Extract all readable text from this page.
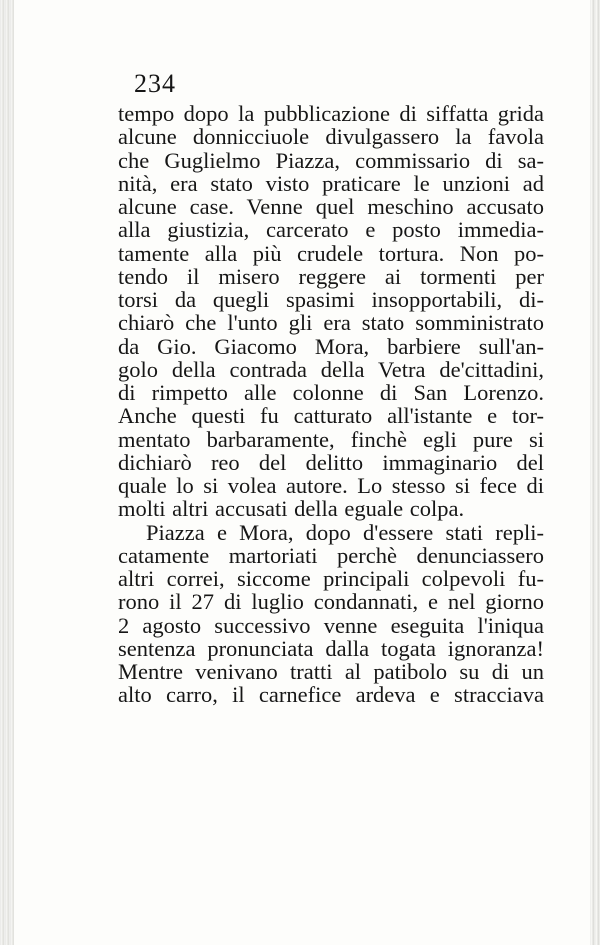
234
tempo dopo la pubblicazione di siffatta grida
alcune donnicciuole divulgassero la favola
che Guglielmo Piazza, commissario di sa-
nità, era stato visto praticare le unzioni ad
alcune case. Venne quel meschino accusato
alla giustizia, carcerato e posto immedia-
tamente alla più crudele tortura. Non po-
tendo il misero reggere ai tormenti per
torsi da quegli spasimi insopportabili, di-
chiarò che l'unto gli era stato somministrato
da Gio. Giacomo Mora, barbiere sull'an-
golo della contrada della Vetra de'cittadini,
di rimpetto alle colonne di San Lorenzo.
Anche questi fu catturato all'istante e tor-
mentato barbaramente, finchè egli pure si
dichiarò reo del delitto immaginario del
quale lo si volea autore. Lo stesso si fece di
molti altri accusati della eguale colpa.
Piazza e Mora, dopo d'essere stati repli-
catamente martoriati perchè denunciassero
altri correi, siccome principali colpevoli fu-
rono il 27 di luglio condannati, e nel giorno
2 agosto successivo venne eseguita l'iniqua
sentenza pronunciata dalla togata ignoranza!
Mentre venivano tratti al patibolo su di un
alto carro, il carnefice ardeva e stracciava
